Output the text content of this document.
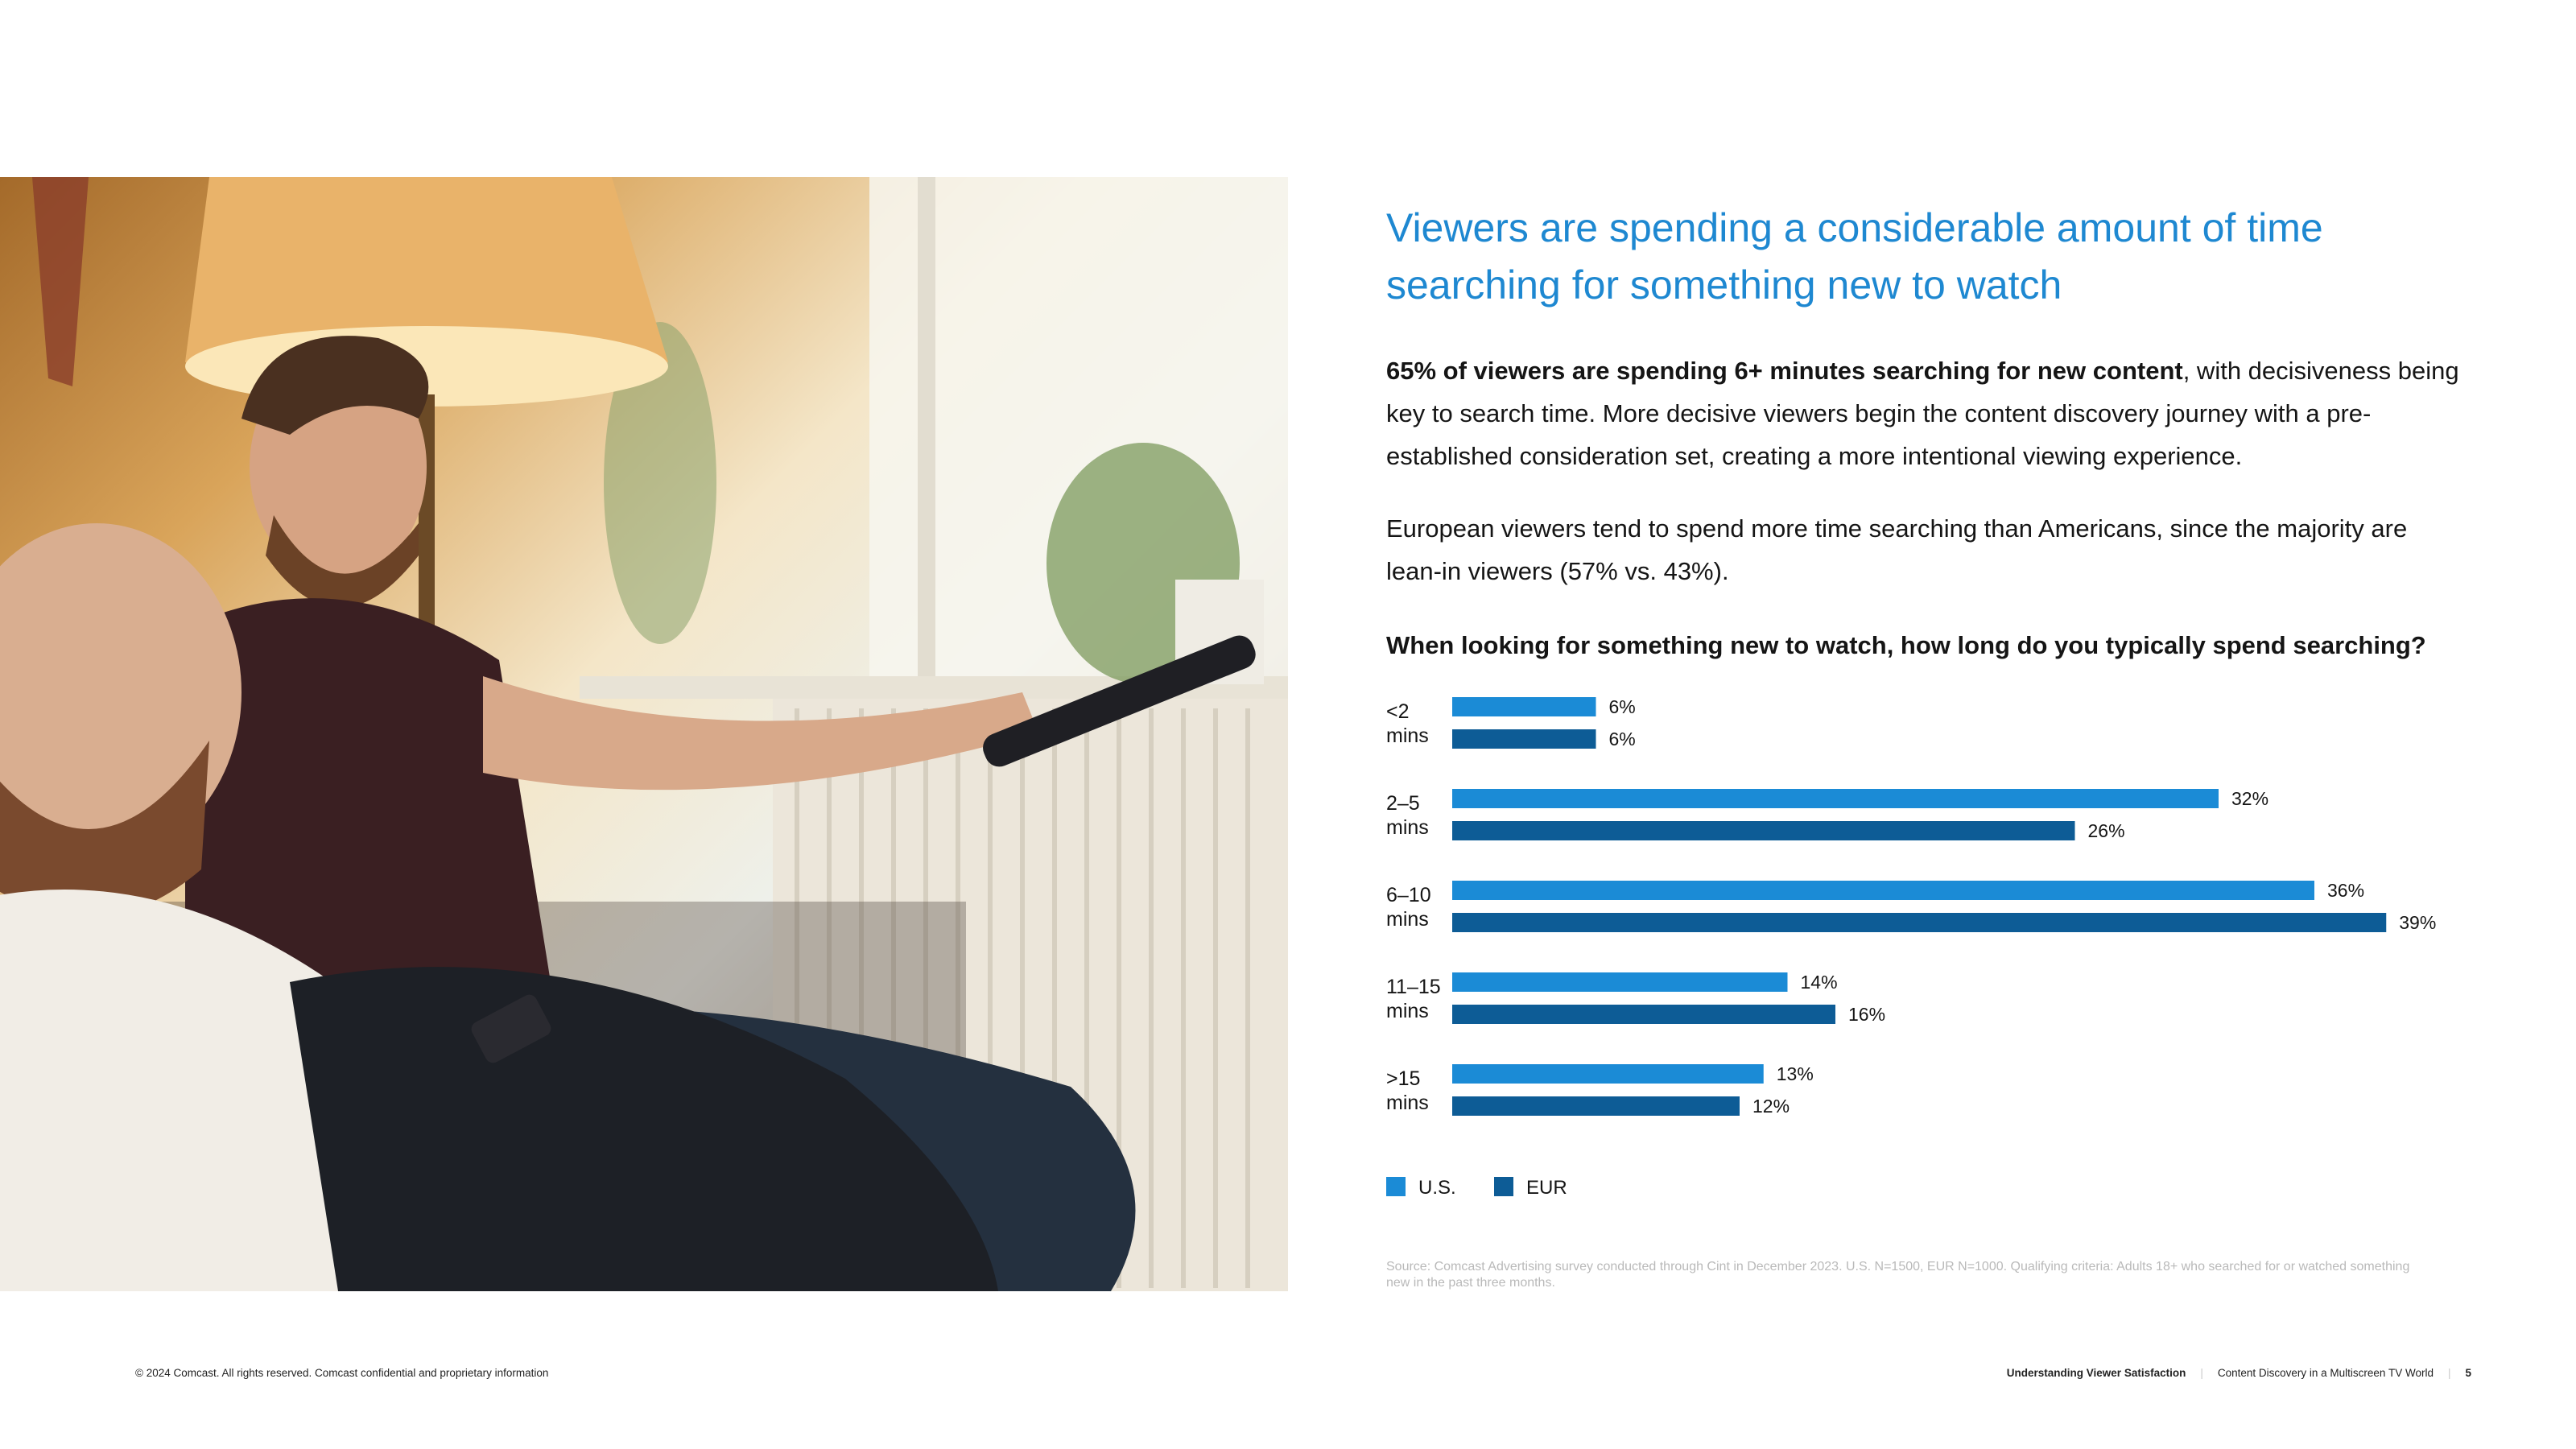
Viewers are spending a considerable amount of time searching for something new to watch

65% of viewers are spending 6+ minutes searching for new content, with decisiveness being key to search time. More decisive viewers begin the content discovery journey with a pre-established consideration set, creating a more intentional viewing experience.

European viewers tend to spend more time searching than Americans, since the majority are lean-in viewers (57% vs. 43%).

When looking for something new to watch, how long do you typically spend searching?

<2 mins
6%
6%
2–5 mins
32%
26%
6–10 mins
36%
39%
11–15 mins
14%
16%
>15 mins
13%
12%
U.S.	EUR

Source: Comcast Advertising survey conducted through Cint in December 2023. U.S. N=1500, EUR N=1000. Qualifying criteria: Adults 18+ who searched for or watched something new in the past three months.

© 2024 Comcast. All rights reserved. Comcast confidential and proprietary information	Understanding Viewer Satisfaction | Content Discovery in a Multiscreen TV World | 5
